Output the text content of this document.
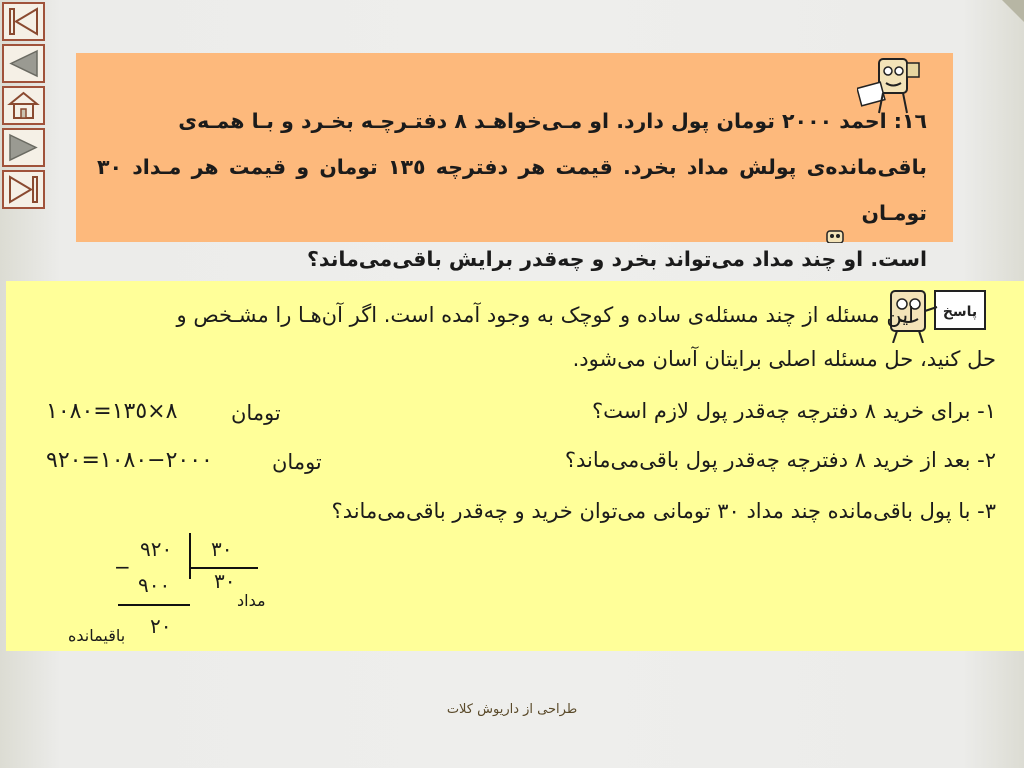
١٦: احمد ٢٠٠٠ تومان پول دارد. او مـی‌خواهـد ٨ دفتـرچـه بخـرد و بـا همـه‌ی
باقی‌مانده‌ی پولش مداد بخرد. قیمت هر دفترچه ١٣٥ تومان و قیمت هر مـداد ٣٠ تومـان
است. او چند مداد می‌تواند بخرد و چه‌قدر برایش باقی‌می‌ماند؟
پاسخ
این مسئله از چند مسئله‌ی ساده و کوچک به وجود آمده است. اگر آن‌هـا را مشـخص و
حل کنید، حل مسئله اصلی برایتان آسان می‌شود.
١- برای خرید ٨ دفترچه چه‌قدر پول لازم است؟
تومان
٨×١٣٥=١٠٨٠
٢- بعد از خرید ٨ دفترچه چه‌قدر پول باقی‌می‌ماند؟
تومان
٢٠٠٠−١٠٨٠=٩٢٠
٣- با پول باقی‌مانده چند مداد ٣٠ تومانی می‌توان خرید و چه‌قدر باقی‌می‌ماند؟
٩٢٠ ٣٠
−
٩٠٠ ٣٠
مداد
٢٠
باقیمانده
طراحی از داریوش کلات
